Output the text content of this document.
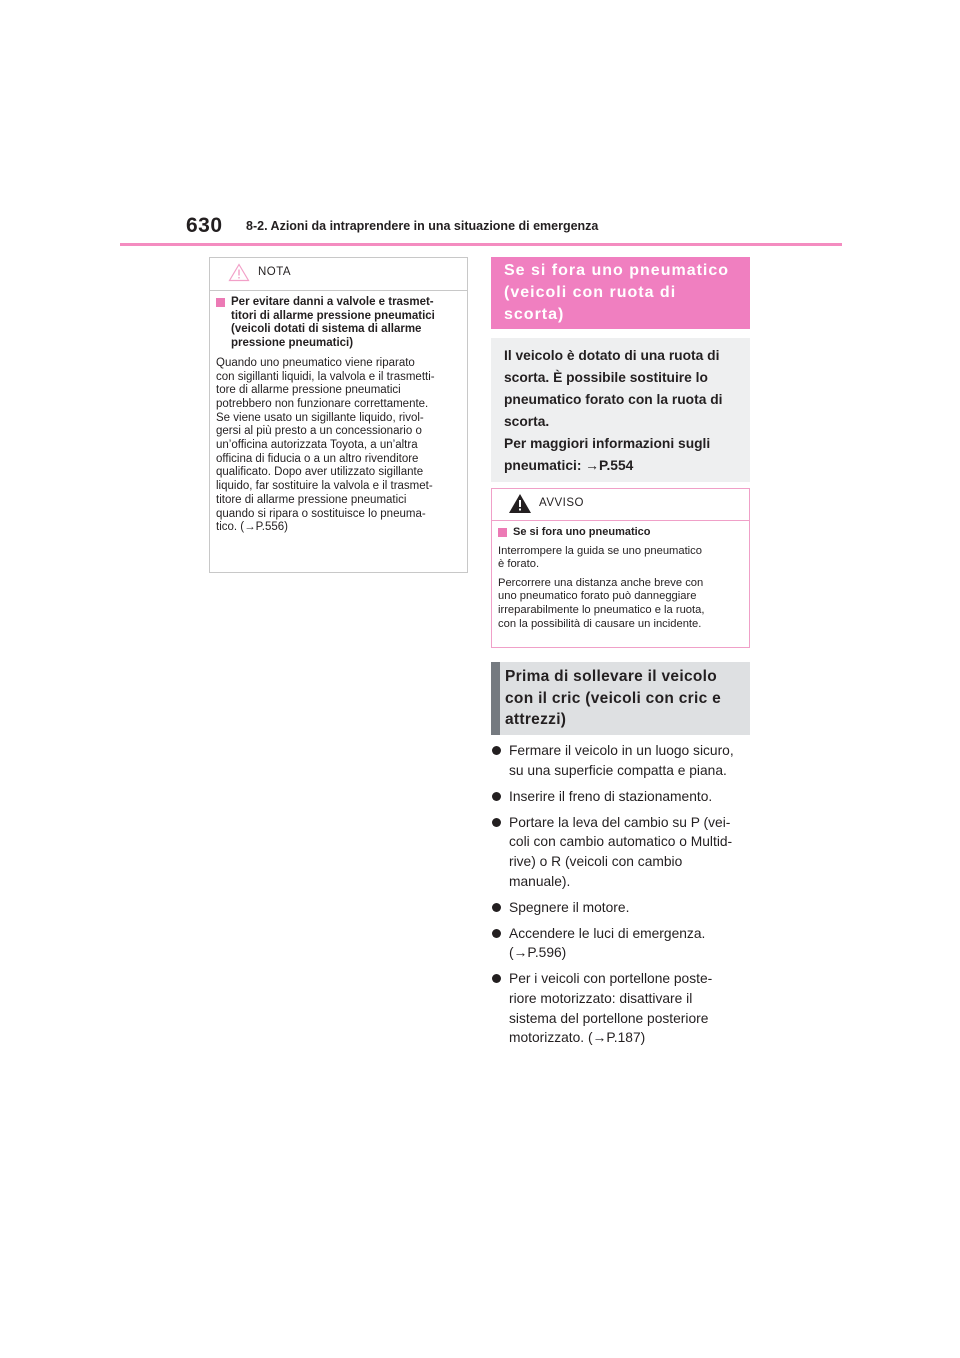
630 8-2. Azioni da intraprendere in una situazione di emergenza
NOTA
Per evitare danni a valvole e trasmet-
titori di allarme pressione pneumatici
(veicoli dotati di sistema di allarme
pressione pneumatici)
Quando uno pneumatico viene riparato
con sigillanti liquidi, la valvola e il trasmetti-
tore di allarme pressione pneumatici
potrebbero non funzionare correttamente.
Se viene usato un sigillante liquido, rivol-
gersi al più presto a un concessionario o
un’officina autorizzata Toyota, a un’altra
officina di fiducia o a un altro rivenditore
qualificato. Dopo aver utilizzato sigillante
liquido, far sostituire la valvola e il trasmet-
titore di allarme pressione pneumatici
quando si ripara o sostituisce lo pneuma-
tico. (→P.556)
Se si fora uno pneumatico
(veicoli con ruota di
scorta)
Il veicolo è dotato di una ruota di
scorta. È possibile sostituire lo
pneumatico forato con la ruota di
scorta.
Per maggiori informazioni sugli
pneumatici: →P.554
AVVISO
Se si fora uno pneumatico
Interrompere la guida se uno pneumatico
è forato.
Percorrere una distanza anche breve con
uno pneumatico forato può danneggiare
irreparabilmente lo pneumatico e la ruota,
con la possibilità di causare un incidente.
Prima di sollevare il veicolo
con il cric (veicoli con cric e
attrezzi)
Fermare il veicolo in un luogo sicuro,
su una superficie compatta e piana.
Inserire il freno di stazionamento.
Portare la leva del cambio su P (vei-
coli con cambio automatico o Multid-
rive) o R (veicoli con cambio
manuale).
Spegnere il motore.
Accendere le luci di emergenza.
(→P.596)
Per i veicoli con portellone poste-
riore motorizzato: disattivare il
sistema del portellone posteriore
motorizzato. (→P.187)
